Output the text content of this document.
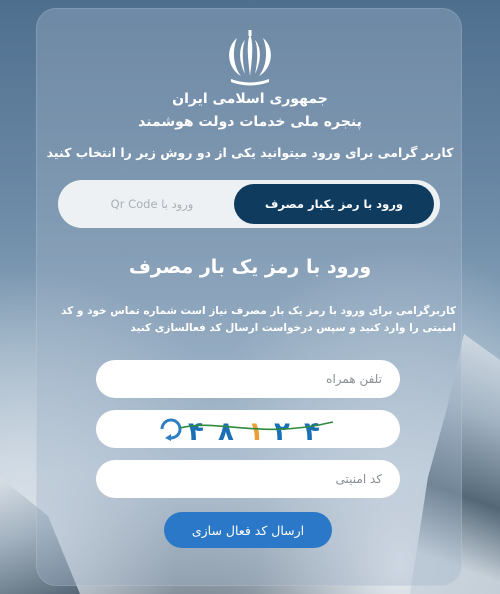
جمهوری اسلامی ایران
پنجره ملی خدمات دولت هوشمند
کاربر گرامی برای ورود میتوانید یکی از دو روش زیر را انتخاب کنید
ورود با رمز یکبار مصرف
ورود با Qr Code
ورود با رمز یک بار مصرف
کاربرگرامی برای ورود با رمز یک بار مصرف نیاز است شماره تماس خود و کد امنیتی را وارد کنید و سپس درخواست ارسال کد فعالسازی کنید
تلفن همراه
۴ ۸ ۱ ۲ ۴
کد امنیتی
ارسال کد فعال سازی
